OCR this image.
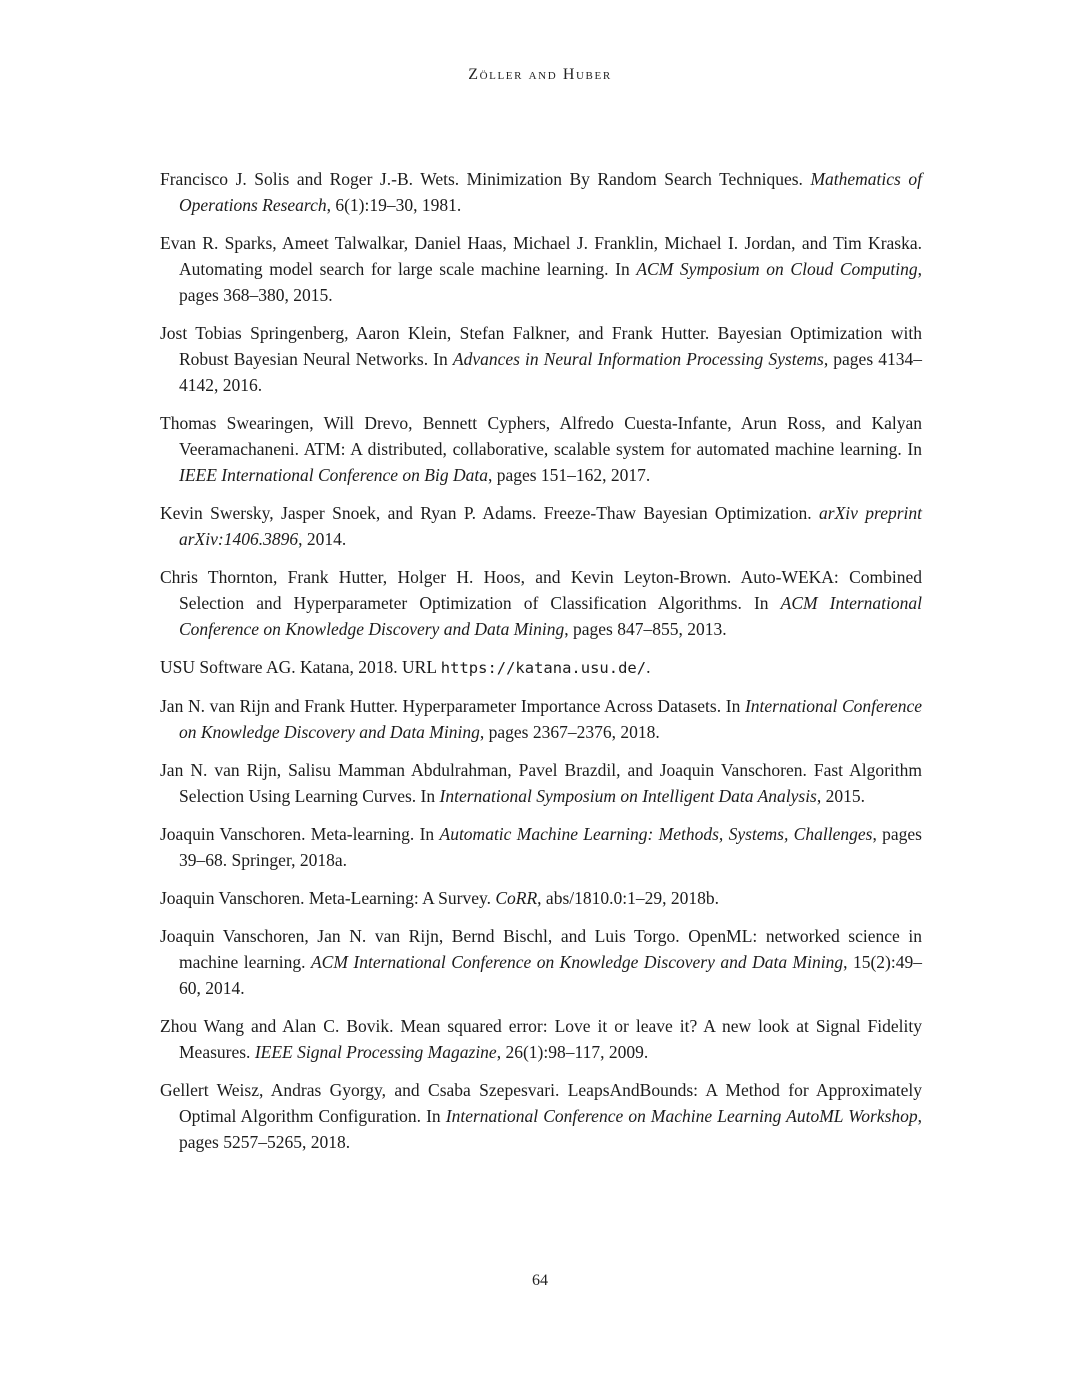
Zöller and Huber

Francisco J. Solis and Roger J.-B. Wets. Minimization By Random Search Techniques. Mathematics of Operations Research, 6(1):19–30, 1981.

Evan R. Sparks, Ameet Talwalkar, Daniel Haas, Michael J. Franklin, Michael I. Jordan, and Tim Kraska. Automating model search for large scale machine learning. In ACM Symposium on Cloud Computing, pages 368–380, 2015.

Jost Tobias Springenberg, Aaron Klein, Stefan Falkner, and Frank Hutter. Bayesian Optimization with Robust Bayesian Neural Networks. In Advances in Neural Information Processing Systems, pages 4134–4142, 2016.

Thomas Swearingen, Will Drevo, Bennett Cyphers, Alfredo Cuesta-Infante, Arun Ross, and Kalyan Veeramachaneni. ATM: A distributed, collaborative, scalable system for automated machine learning. In IEEE International Conference on Big Data, pages 151–162, 2017.

Kevin Swersky, Jasper Snoek, and Ryan P. Adams. Freeze-Thaw Bayesian Optimization. arXiv preprint arXiv:1406.3896, 2014.

Chris Thornton, Frank Hutter, Holger H. Hoos, and Kevin Leyton-Brown. Auto-WEKA: Combined Selection and Hyperparameter Optimization of Classification Algorithms. In ACM International Conference on Knowledge Discovery and Data Mining, pages 847–855, 2013.

USU Software AG. Katana, 2018. URL https://katana.usu.de/.

Jan N. van Rijn and Frank Hutter. Hyperparameter Importance Across Datasets. In International Conference on Knowledge Discovery and Data Mining, pages 2367–2376, 2018.

Jan N. van Rijn, Salisu Mamman Abdulrahman, Pavel Brazdil, and Joaquin Vanschoren. Fast Algorithm Selection Using Learning Curves. In International Symposium on Intelligent Data Analysis, 2015.

Joaquin Vanschoren. Meta-learning. In Automatic Machine Learning: Methods, Systems, Challenges, pages 39–68. Springer, 2018a.

Joaquin Vanschoren. Meta-Learning: A Survey. CoRR, abs/1810.0:1–29, 2018b.

Joaquin Vanschoren, Jan N. van Rijn, Bernd Bischl, and Luis Torgo. OpenML: networked science in machine learning. ACM International Conference on Knowledge Discovery and Data Mining, 15(2):49–60, 2014.

Zhou Wang and Alan C. Bovik. Mean squared error: Love it or leave it? A new look at Signal Fidelity Measures. IEEE Signal Processing Magazine, 26(1):98–117, 2009.

Gellert Weisz, Andras Gyorgy, and Csaba Szepesvari. LeapsAndBounds: A Method for Approximately Optimal Algorithm Configuration. In International Conference on Machine Learning AutoML Workshop, pages 5257–5265, 2018.

64
